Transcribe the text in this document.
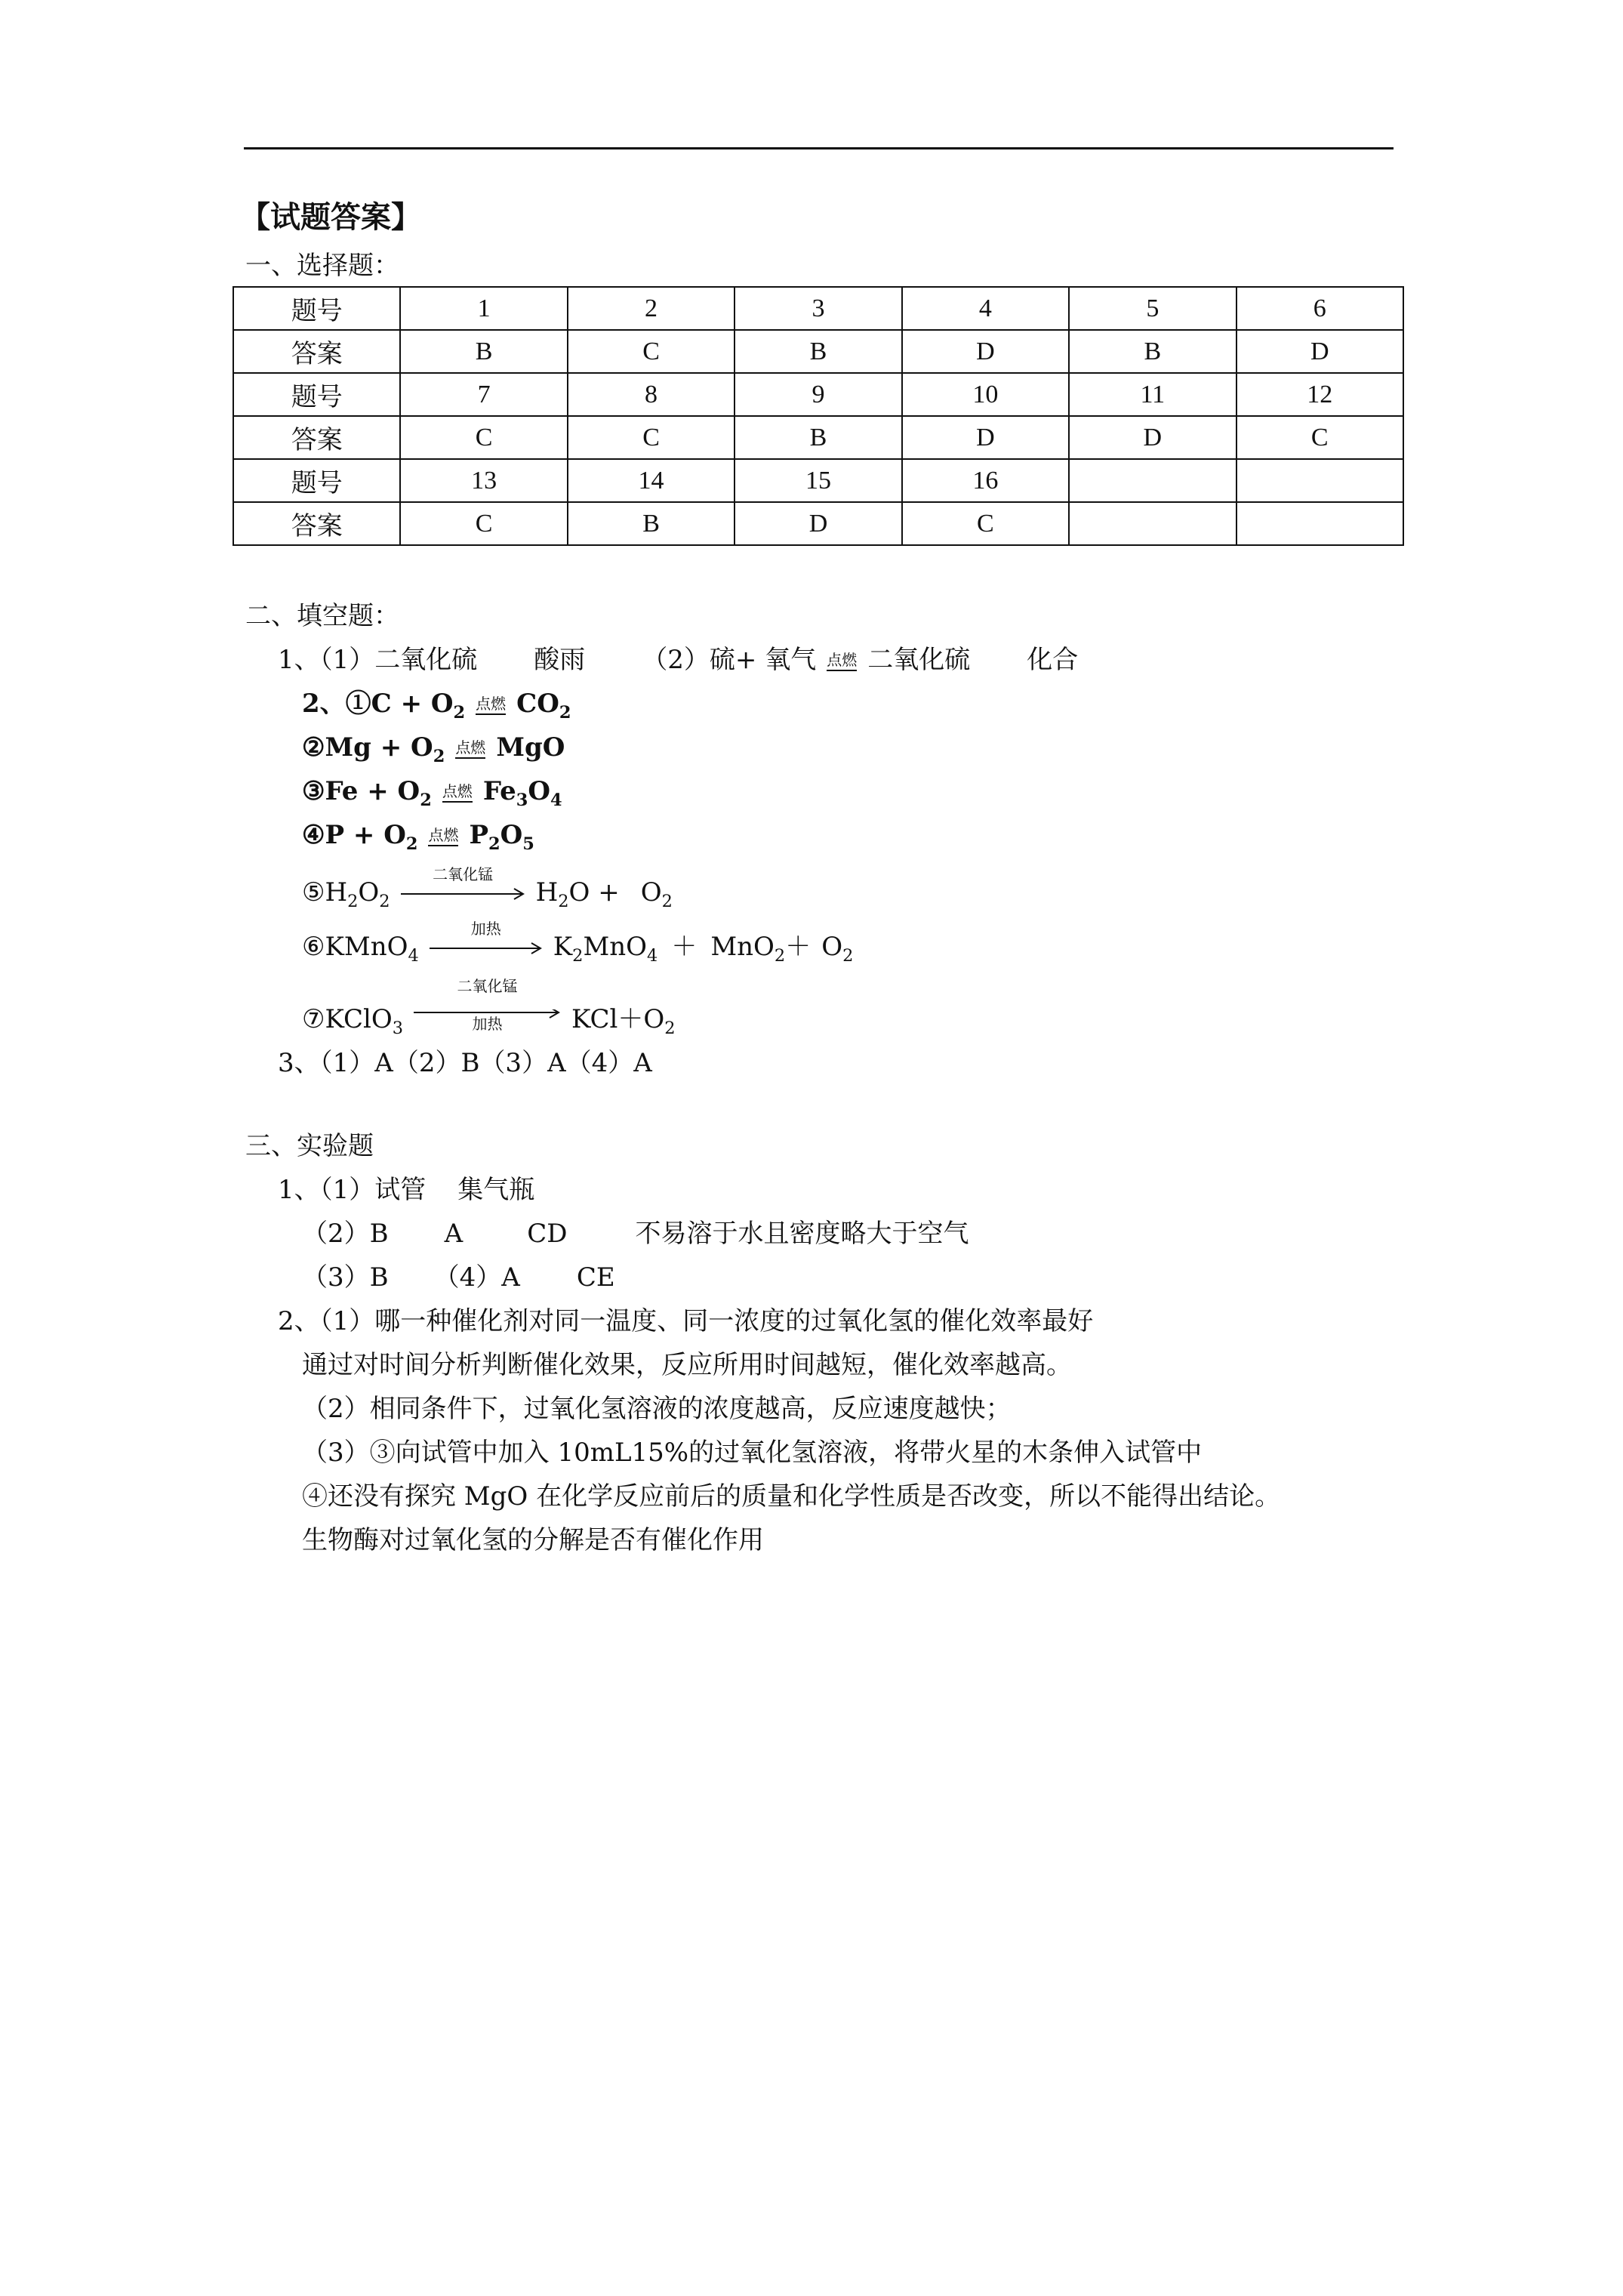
【试题答案】
一、选择题：
题号	1	2	3	4	5	6
答案	B	C	B	D	B	D
题号	7	8	9	10	11	12
答案	C	C	B	D	D	C
题号	13	14	15	16		
答案	C	B	D	C		
二、填空题：
1、（1）二氧化硫 酸雨 （2）硫+ 氧气 点燃 二氧化硫 化合
2、①C + $O_2$ 点燃 $CO_2$
②Mg + $O_2$ 点燃 MgO
③Fe + $O_2$ 点燃 $Fe_3O_4$
④P + $O_2$ 点燃 $P_2O_5$
$⑤H_2O_2$
二氧化锰
$H_2O + O_2$
⑥KMnO$_4$
加热
$K_2MnO_4 + MnO_2+ O_2$
⑦KClO$_3$
二氧化锰
加热	$KCl+O_2$
3、（1）A（2）B（3）A（4）A
三、实验题
1、（1）试管 集气瓶
（2）B A	CD	不易溶于水且密度略大于空气
（3）B （4）A CE
2、（1）哪一种催化剂对同一温度、同一浓度的过氧化氢的催化效率最好
通过对时间分析判断催化效果，反应所用时间越短，催化效率越高。
（2）相同条件下，过氧化氢溶液的浓度越高，反应速度越快；
（3）③向试管中加入 10mL15%的过氧化氢溶液，将带火星的木条伸入试管中
④还没有探究 MgO 在化学反应前后的质量和化学性质是否改变，所以不能得出结论。
生物酶对过氧化氢的分解是否有催化作用
